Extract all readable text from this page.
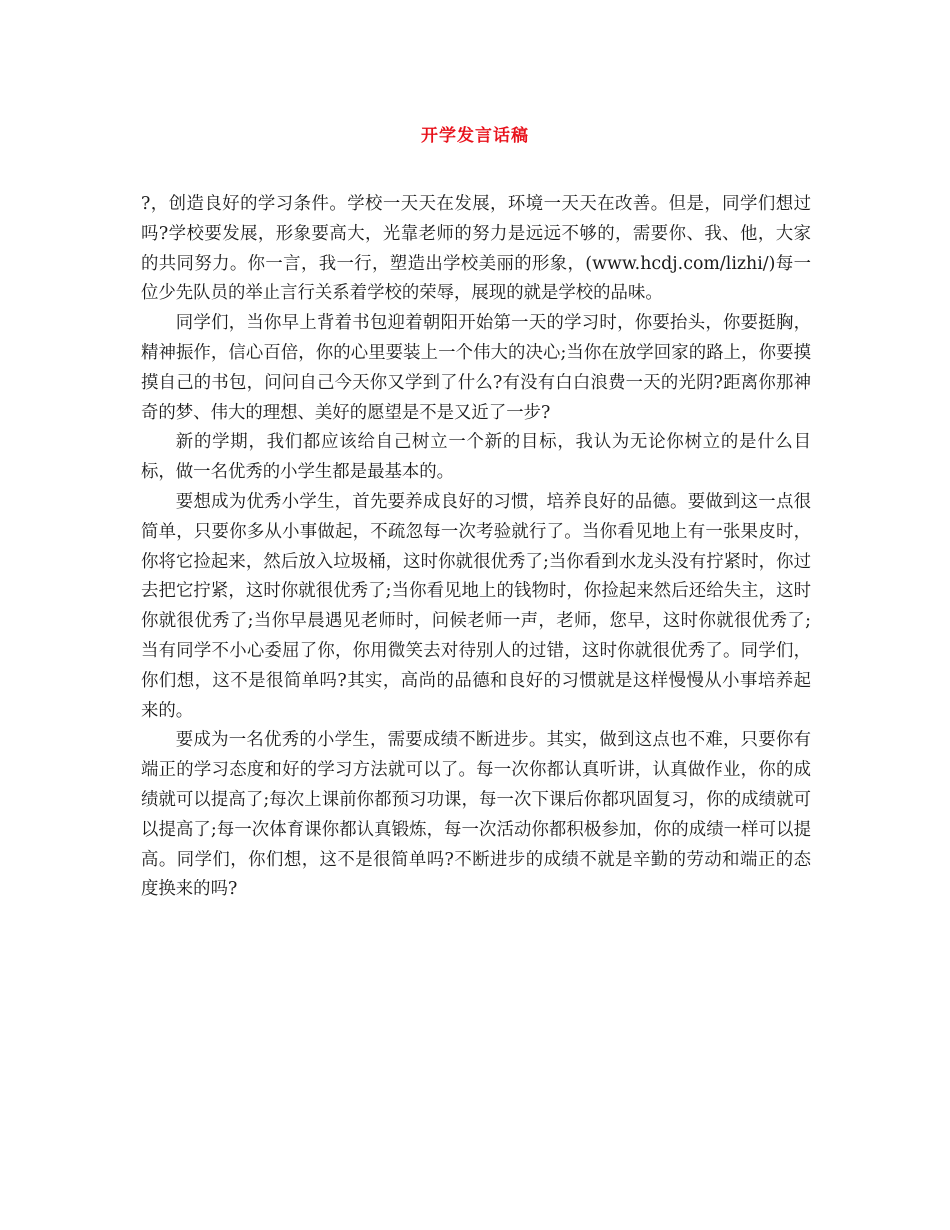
开学发言话稿

?，创造良好的学习条件。学校一天天在发展，环境一天天在改善。但是，同学们想过吗?学校要发展，形象要高大，光靠老师的努力是远远不够的，需要你、我、他，大家的共同努力。你一言，我一行，塑造出学校美丽的形象，(www.hcdj.com/lizhi/)每一位少先队员的举止言行关系着学校的荣辱，展现的就是学校的品味。

同学们，当你早上背着书包迎着朝阳开始第一天的学习时，你要抬头，你要挺胸，精神振作，信心百倍，你的心里要装上一个伟大的决心;当你在放学回家的路上，你要摸摸自己的书包，问问自己今天你又学到了什么?有没有白白浪费一天的光阴?距离你那神奇的梦、伟大的理想、美好的愿望是不是又近了一步?

新的学期，我们都应该给自己树立一个新的目标，我认为无论你树立的是什么目标，做一名优秀的小学生都是最基本的。

要想成为优秀小学生，首先要养成良好的习惯，培养良好的品德。要做到这一点很简单，只要你多从小事做起，不疏忽每一次考验就行了。当你看见地上有一张果皮时，你将它捡起来，然后放入垃圾桶，这时你就很优秀了;当你看到水龙头没有拧紧时，你过去把它拧紧，这时你就很优秀了;当你看见地上的钱物时，你捡起来然后还给失主，这时你就很优秀了;当你早晨遇见老师时，问候老师一声，老师，您早，这时你就很优秀了;当有同学不小心委屈了你，你用微笑去对待别人的过错，这时你就很优秀了。同学们，你们想，这不是很简单吗?其实，高尚的品德和良好的习惯就是这样慢慢从小事培养起来的。

要成为一名优秀的小学生，需要成绩不断进步。其实，做到这点也不难，只要你有端正的学习态度和好的学习方法就可以了。每一次你都认真听讲，认真做作业，你的成绩就可以提高了;每次上课前你都预习功课，每一次下课后你都巩固复习，你的成绩就可以提高了;每一次体育课你都认真锻炼，每一次活动你都积极参加，你的成绩一样可以提高。同学们，你们想，这不是很简单吗?不断进步的成绩不就是辛勤的劳动和端正的态度换来的吗?
